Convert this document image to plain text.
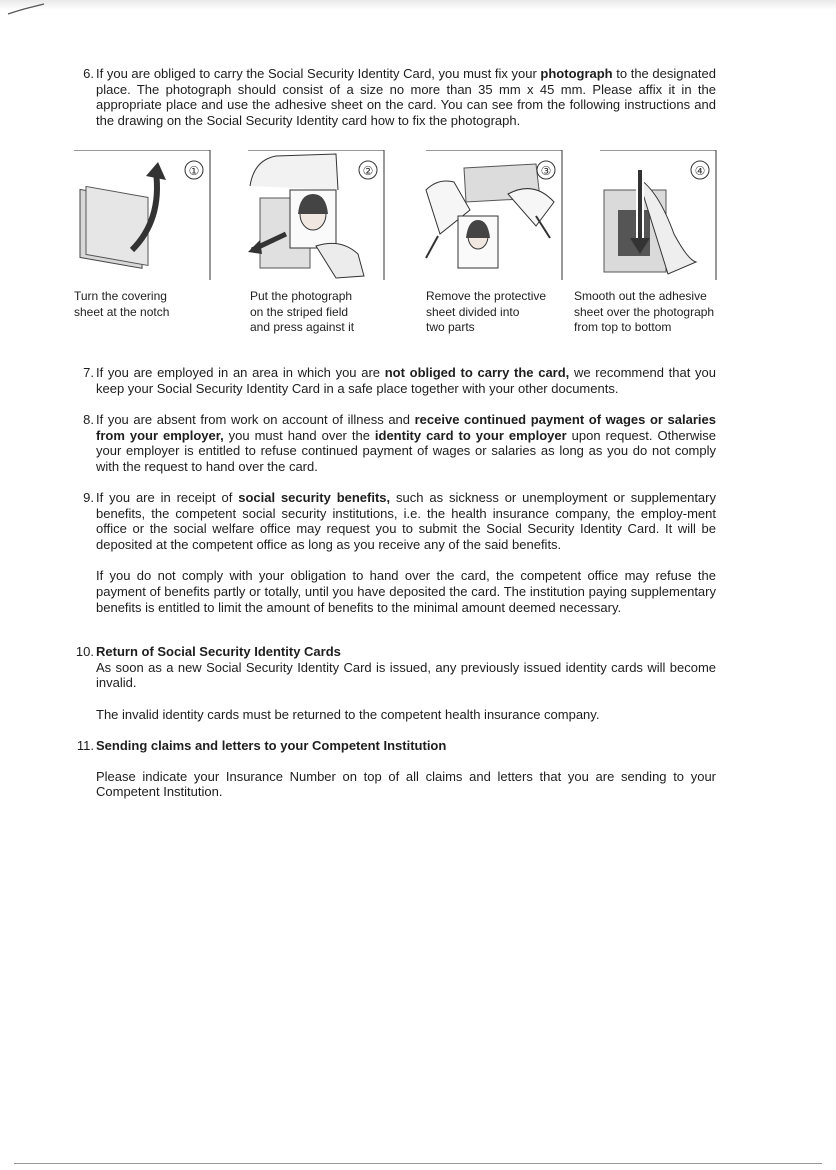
6. If you are obliged to carry the Social Security Identity Card, you must fix your photograph to the designated place. The photograph should consist of a size no more than 35 mm x 45 mm. Please affix it in the appropriate place and use the adhesive sheet on the card. You can see from the following instructions and the drawing on the Social Security Identity card how to fix the photograph.
①	②	③	④
Turn the covering
sheet at the notch
Put the photograph
on the striped field
and press against it
Remove the protective
sheet divided into
two parts
Smooth out the adhesive
sheet over the photograph
from top to bottom
7. If you are employed in an area in which you are not obliged to carry the card, we recommend that you keep your Social Security Identity Card in a safe place together with your other documents.
8. If you are absent from work on account of illness and receive continued payment of wages or salaries from your employer, you must hand over the identity card to your employer upon request. Otherwise your employer is entitled to refuse continued payment of wages or salaries as long as you do not comply with the request to hand over the card.
9. If you are in receipt of social security benefits, such as sickness or unemployment or supplementary benefits, the competent social security institutions, i.e. the health insurance company, the employ-ment office or the social welfare office may request you to submit the Social Security Identity Card. It will be deposited at the competent office as long as you receive any of the said benefits.
If you do not comply with your obligation to hand over the card, the competent office may refuse the payment of benefits partly or totally, until you have deposited the card. The institution paying supplementary benefits is entitled to limit the amount of benefits to the minimal amount deemed necessary.
10. Return of Social Security Identity Cards
As soon as a new Social Security Identity Card is issued, any previously issued identity cards will become invalid.
The invalid identity cards must be returned to the competent health insurance company.
11. Sending claims and letters to your Competent Institution
Please indicate your Insurance Number on top of all claims and letters that you are sending to your Competent Institution.
